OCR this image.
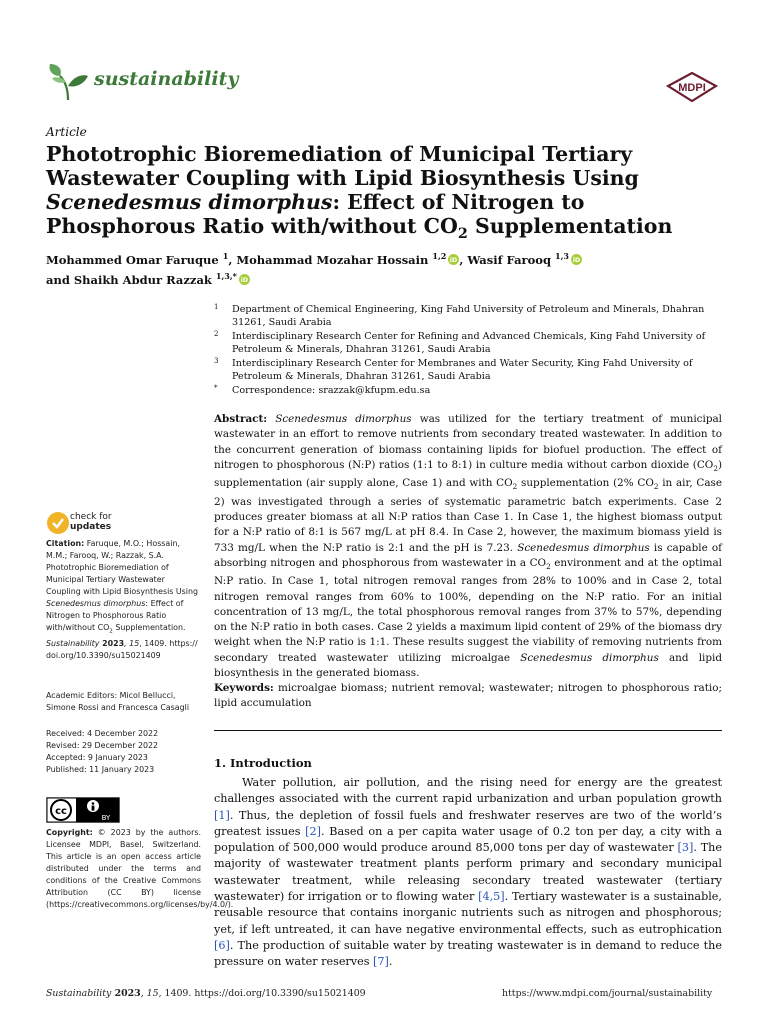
sustainability	MDPI
Article
Phototrophic Bioremediation of Municipal Tertiary Wastewater Coupling with Lipid Biosynthesis Using Scenedesmus dimorphus: Effect of Nitrogen to Phosphorous Ratio with/without $CO_2$ Supplementation
Mohammed Omar Faruque $^1$, Mohammad Mozahar Hossain $^{1,2}$ iD , Wasif Farooq $^{1,3}$ iD

and Shaikh Abdur Razzak $^{1,3,*}$ iD
1 Department of Chemical Engineering, King Fahd University of Petroleum and Minerals, Dhahran 31261, Saudi Arabia
2 Interdisciplinary Research Center for Refining and Advanced Chemicals, King Fahd University of Petroleum & Minerals, Dhahran 31261, Saudi Arabia
3 Interdisciplinary Research Center for Membranes and Water Security, King Fahd University of Petroleum & Minerals, Dhahran 31261, Saudi Arabia
* Correspondence: srazzak@kfupm.edu.sa
Abstract: Scenedesmus dimorphus was utilized for the tertiary treatment of municipal wastewater in an effort to remove nutrients from secondary treated wastewater. In addition to the concurrent generation of biomass containing lipids for biofuel production. The effect of nitrogen to phosphorous (N:P) ratios (1:1 to 8:1) in culture media without carbon dioxide $(CO_2)$ supplementation (air supply alone, Case 1) and with $CO_2$ supplementation (2% $CO_2$ in air, Case 2) was investigated through a series of systematic parametric batch experiments. Case 2 produces greater biomass at all N:P ratios than Case 1. In Case 1, the highest biomass output for a N:P ratio of 8:1 is 567 mg/L at pH 8.4. In Case 2, however, the maximum biomass yield is 733 mg/L when the N:P ratio is 2:1 and the pH is 7.23. Scenedesmus dimorphus is capable of absorbing nitrogen and phosphorous from wastewater in a $CO_2$ environment and at the optimal N:P ratio. In Case 1, total nitrogen removal ranges from 28% to 100% and in Case 2, total nitrogen removal ranges from 60% to 100%, depending on the N:P ratio. For an initial concentration of 13 mg/L, the total phosphorous removal ranges from 37% to 57%, depending on the N:P ratio in both cases. Case 2 yields a maximum lipid content of 29% of the biomass dry weight when the N:P ratio is 1:1. These results suggest the viability of removing nutrients from secondary treated wastewater utilizing microalgae Scenedesmus dimorphus and lipid biosynthesis in the generated biomass.
Keywords: microalgae biomass; nutrient removal; wastewater; nitrogen to phosphorous ratio; lipid accumulation
check for
updates
Citation: Faruque, M.O.; Hossain, M.M.; Farooq, W.; Razzak, S.A. Phototrophic Bioremediation of Municipal Tertiary Wastewater Coupling with Lipid Biosynthesis Using Scenedesmus dimorphus: Effect of Nitrogen to Phosphorous Ratio with/without $CO_2$ Supplementation. Sustainability 2023, 15, 1409. https://doi.org/10.3390/su15021409
Academic Editors: Micol Bellucci, Simone Rossi and Francesca Casagli
Received: 4 December 2022
Revised: 29 December 2022
Accepted: 9 January 2023
Published: 11 January 2023
cc
BY
Copyright: © 2023 by the authors. Licensee MDPI, Basel, Switzerland. This article is an open access article distributed under the terms and conditions of the Creative Commons Attribution (CC BY) license (https://creativecommons.org/licenses/by/4.0/).
1. Introduction
Water pollution, air pollution, and the rising need for energy are the greatest challenges associated with the current rapid urbanization and urban population growth [1]. Thus, the depletion of fossil fuels and freshwater reserves are two of the world’s greatest issues [2]. Based on a per capita water usage of 0.2 ton per day, a city with a population of 500,000 would produce around 85,000 tons per day of wastewater [3]. The majority of wastewater treatment plants perform primary and secondary municipal wastewater treatment, while releasing secondary treated wastewater (tertiary wastewater) for irrigation or to flowing water [4,5]. Tertiary wastewater is a sustainable, reusable resource that contains inorganic nutrients such as nitrogen and phosphorous; yet, if left untreated, it can have negative environmental effects, such as eutrophication [6]. The production of suitable water by treating wastewater is in demand to reduce the pressure on water reserves [7].
Sustainability 2023, 15, 1409. https://doi.org/10.3390/su15021409	https://www.mdpi.com/journal/sustainability
